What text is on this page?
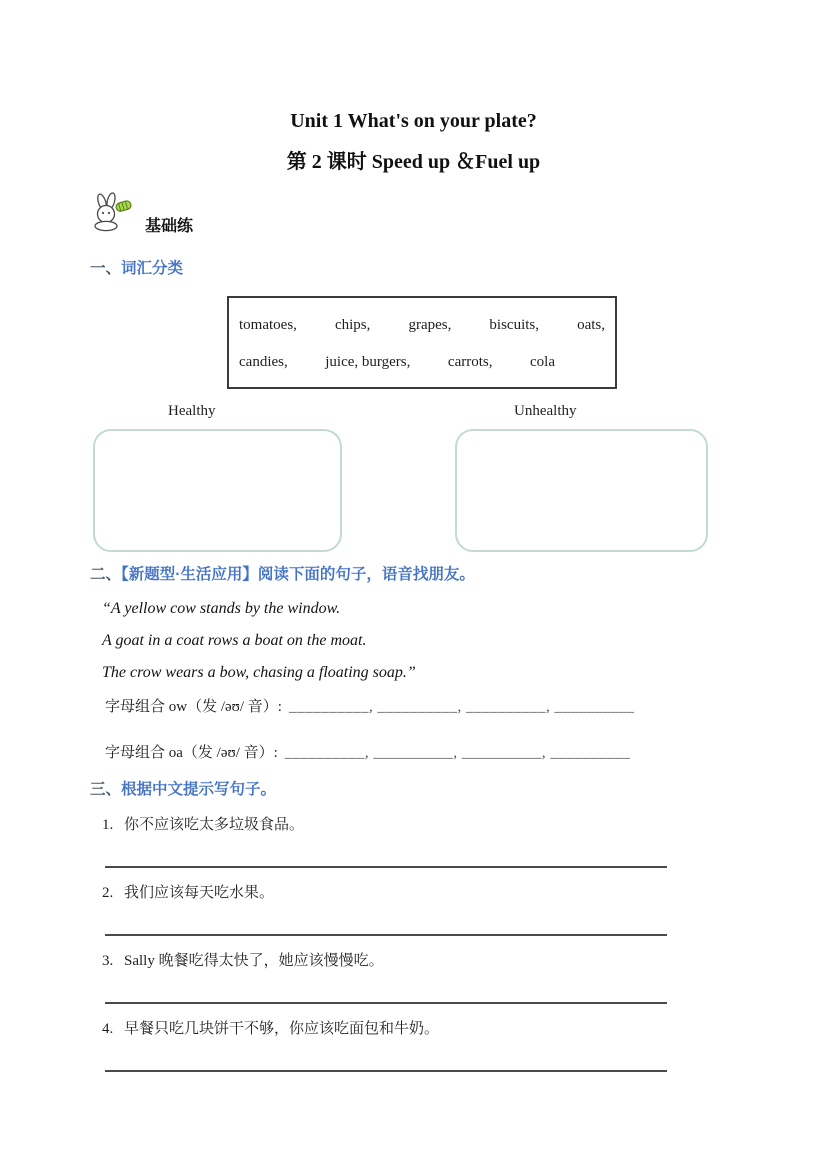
Unit 1 What's on your plate?
第 2 课时 Speed up ＆Fuel up
基础练
一、词汇分类
tomatoes,	chips,	grapes,	biscuits,	oats,
candies,	juice, burgers,	carrots,	cola
Healthy	Unhealthy
二、【新题型·生活应用】阅读下面的句子，语音找朋友。

“A yellow cow stands by the window.

A goat in a coat rows a boat on the moat.

The crow wears a bow, chasing a floating soap.”

字母组合 ow（发 /əʊ/ 音）: __________, __________, __________, __________
字母组合 oa（发 /əʊ/ 音）: __________, __________, __________, __________
三、根据中文提示写句子。
1. 你不应该吃太多垃圾食品。
2. 我们应该每天吃水果。
3. Sally 晚餐吃得太快了，她应该慢慢吃。
4. 早餐只吃几块饼干不够，你应该吃面包和牛奶。
